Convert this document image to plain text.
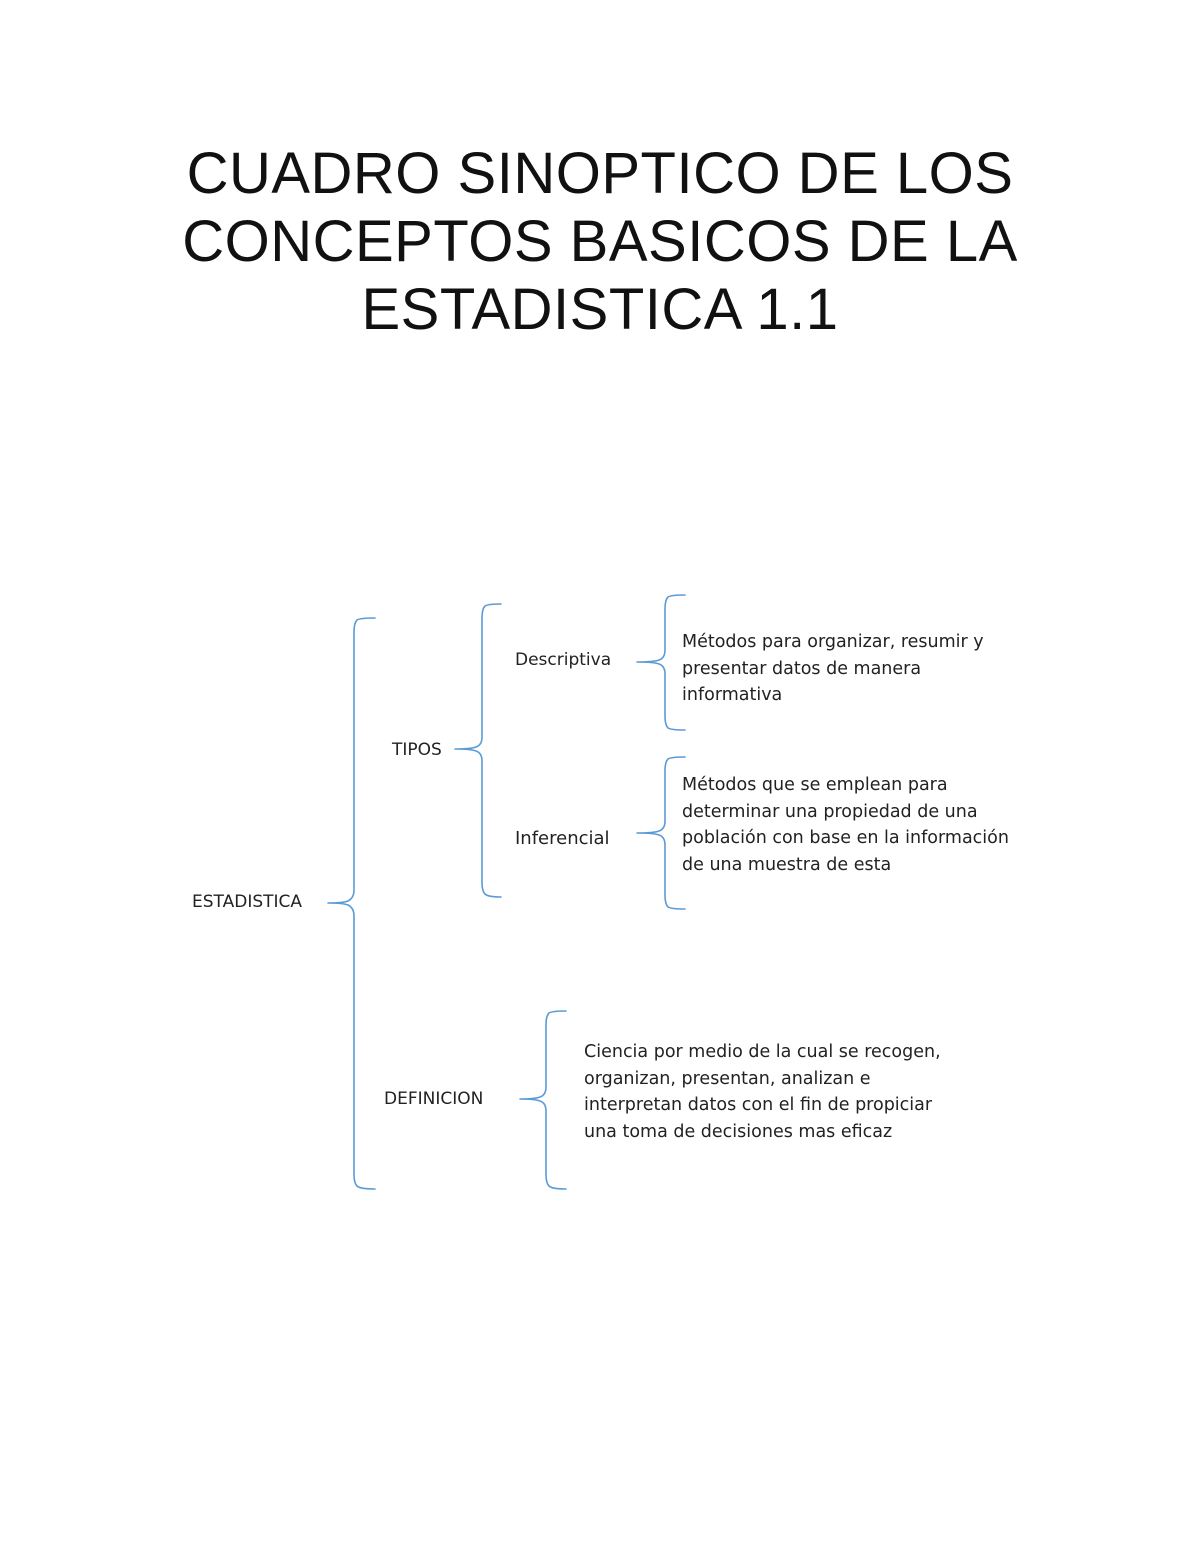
CUADRO SINOPTICO DE LOS
CONCEPTOS BASICOS DE LA
ESTADISTICA 1.1
ESTADISTICA
TIPOS
Descriptiva
Inferencial
DEFINICION
Métodos para organizar, resumir y
presentar datos de manera
informativa
Métodos que se emplean para
determinar una propiedad de una
población con base en la información
de una muestra de esta
Ciencia por medio de la cual se recogen,
organizan, presentan, analizan e
interpretan datos con el fin de propiciar
una toma de decisiones mas eficaz
